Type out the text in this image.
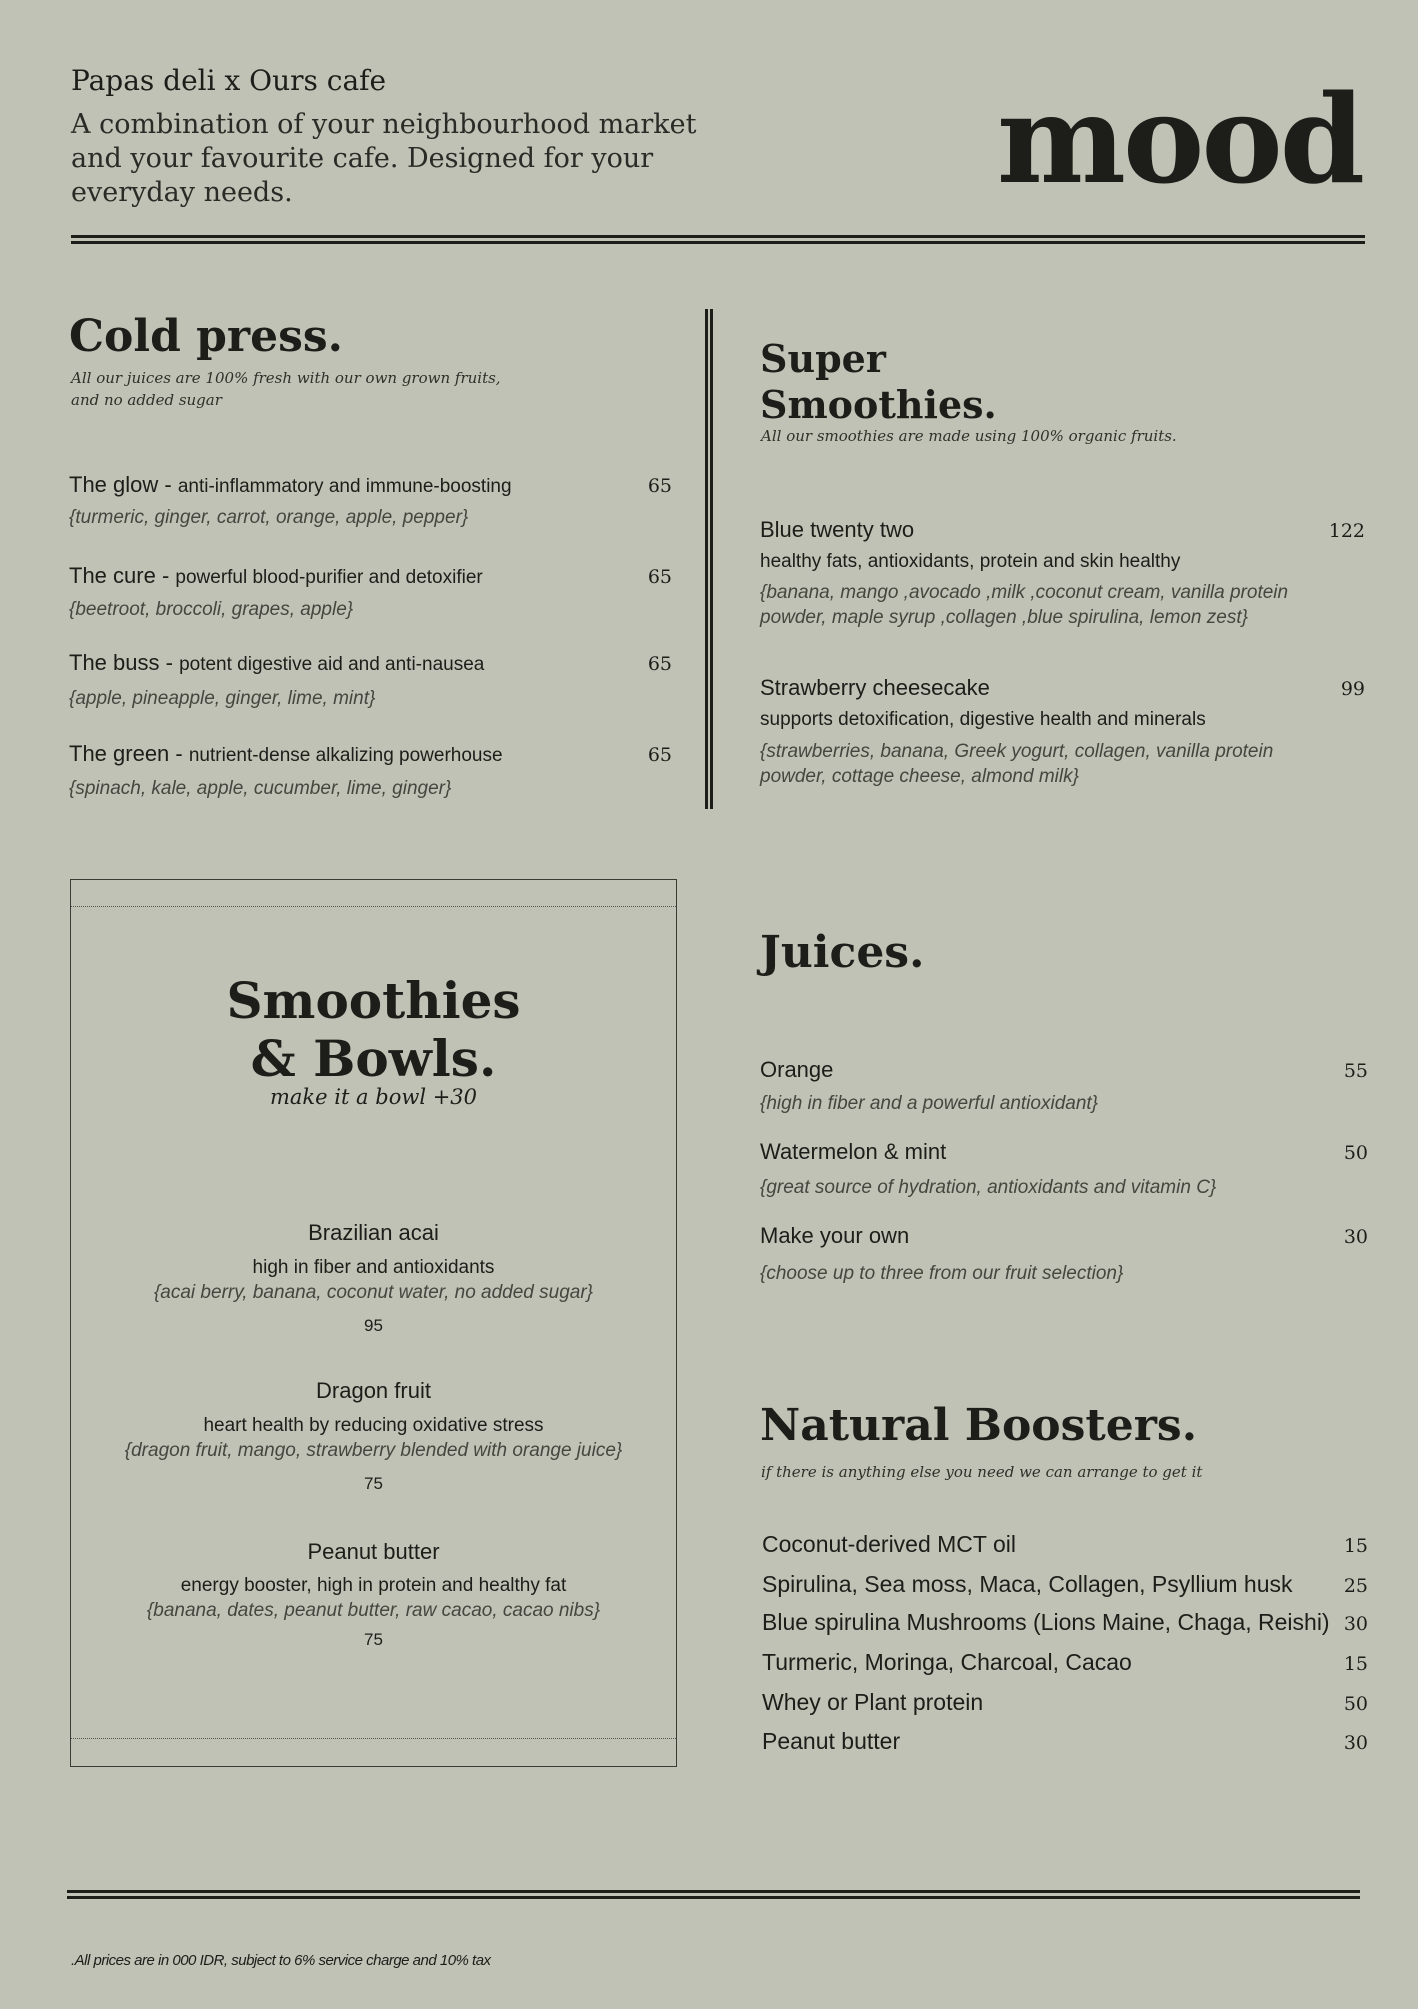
Papas deli x Ours cafe
A combination of your neighbourhood market and your favourite cafe. Designed for your everyday needs.	mood
Cold press.
All our juices are 100% fresh with our own grown fruits,
and no added sugar
The glow - anti-inflammatory and immune-boosting	65
{turmeric, ginger, carrot, orange, apple, pepper}
The cure - powerful blood-purifier and detoxifier	65
{beetroot, broccoli, grapes, apple}
The buss - potent digestive aid and anti-nausea	65
{apple, pineapple, ginger, lime, mint}
The green - nutrient-dense alkalizing powerhouse	65
{spinach, kale, apple, cucumber, lime, ginger}
Super
Smoothies.
All our smoothies are made using 100% organic fruits.
Blue twenty two	122
healthy fats, antioxidants, protein and skin healthy
{banana, mango ,avocado ,milk ,coconut cream, vanilla protein powder, maple syrup ,collagen ,blue spirulina, lemon zest}
Strawberry cheesecake	99
supports detoxification, digestive health and minerals
{strawberries, banana, Greek yogurt, collagen, vanilla protein powder, cottage cheese, almond milk}
Smoothies
& Bowls.
make it a bowl +30
Brazilian acai
high in fiber and antioxidants
{acai berry, banana, coconut water, no added sugar}
95
Dragon fruit
heart health by reducing oxidative stress
{dragon fruit, mango, strawberry blended with orange juice}
75
Peanut butter
energy booster, high in protein and healthy fat
{banana, dates, peanut butter, raw cacao, cacao nibs}
75
Juices.
Orange	55
{high in fiber and a powerful antioxidant}
Watermelon & mint	50
{great source of hydration, antioxidants and vitamin C}
Make your own	30
{choose up to three from our fruit selection}
Natural Boosters.
if there is anything else you need we can arrange to get it
Coconut-derived MCT oil	15
Spirulina, Sea moss, Maca, Collagen, Psyllium husk	25
Blue spirulina Mushrooms (Lions Maine, Chaga, Reishi) 30
Turmeric, Moringa, Charcoal, Cacao	15
Whey or Plant protein	50
Peanut butter	30
.All prices are in 000 IDR, subject to 6% service charge and 10% tax
